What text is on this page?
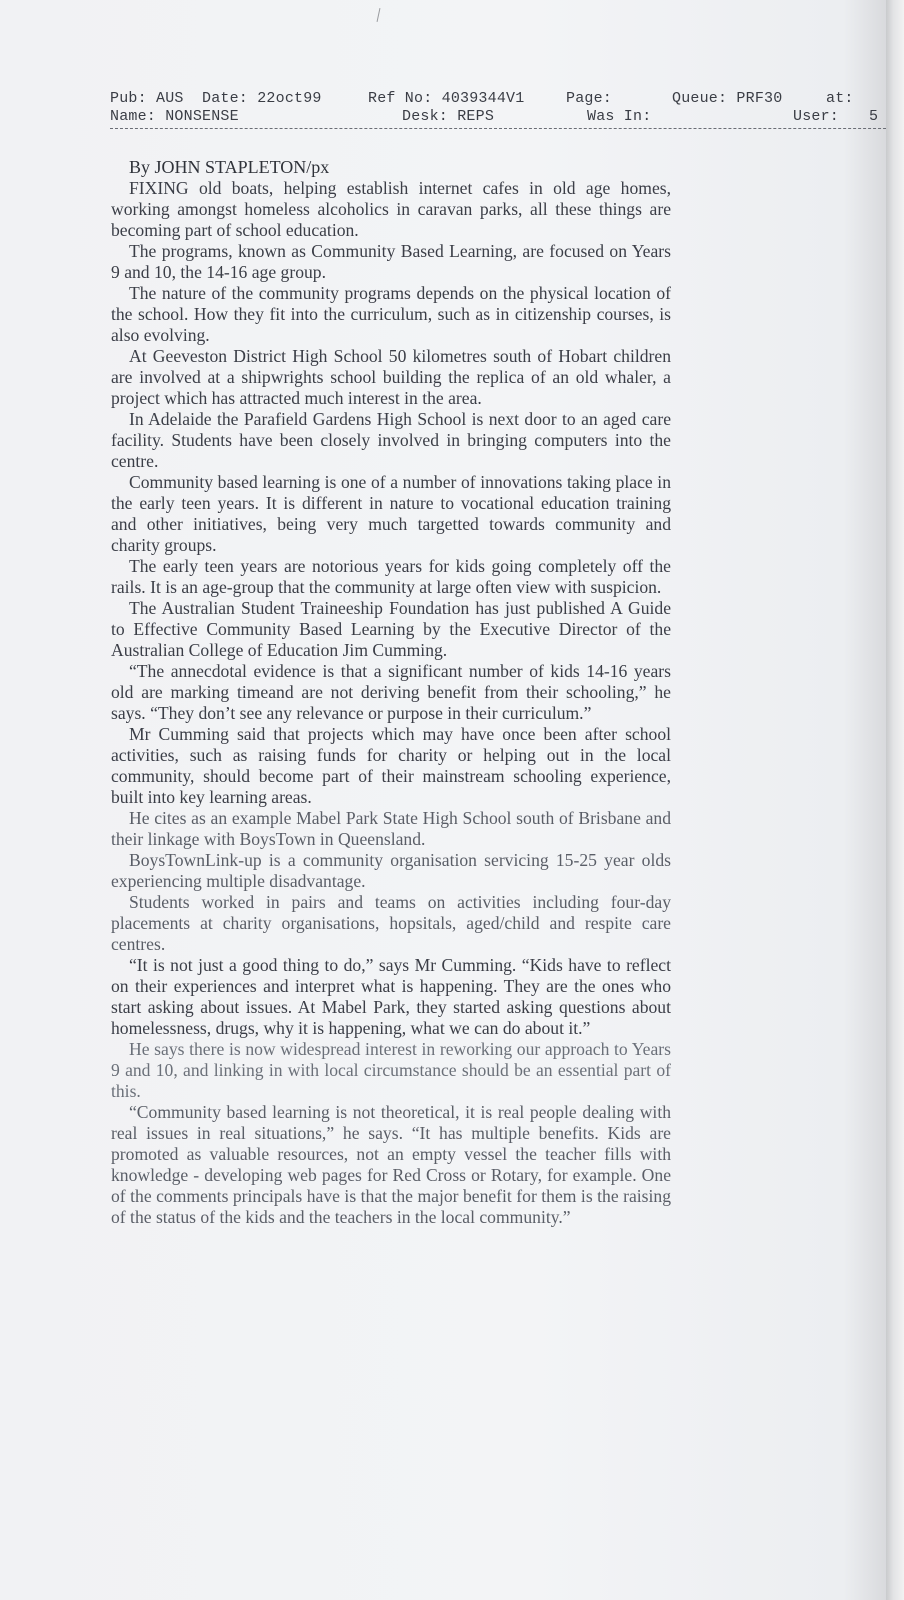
Pub: AUS Date: 22oct99	Ref No: 4039344V1	Page:	Queue: PRF30	at:
Name: NONSENSE	Desk: REPS	Was In:	User: 5

By JOHN STAPLETON/px

FIXING old boats, helping establish internet cafes in old age homes, working amongst homeless alcoholics in caravan parks, all these things are becoming part of school education.

The programs, known as Community Based Learning, are focused on Years 9 and 10, the 14-16 age group.

The nature of the community programs depends on the physical location of the school. How they fit into the curriculum, such as in citizenship courses, is also evolving.

At Geeveston District High School 50 kilometres south of Hobart children are involved at a shipwrights school building the replica of an old whaler, a project which has attracted much interest in the area.

In Adelaide the Parafield Gardens High School is next door to an aged care facility. Students have been closely involved in bringing computers into the centre.

Community based learning is one of a number of innovations taking place in the early teen years. It is different in nature to vocational education training and other initiatives, being very much targetted towards community and charity groups.

The early teen years are notorious years for kids going completely off the rails. It is an age-group that the community at large often view with suspicion.

The Australian Student Traineeship Foundation has just published A Guide to Effective Community Based Learning by the Executive Director of the Australian College of Education Jim Cumming.

“The annecdotal evidence is that a significant number of kids 14-16 years old are marking timeand are not deriving benefit from their schooling,” he says. “They don’t see any relevance or purpose in their curriculum.”

Mr Cumming said that projects which may have once been after school activities, such as raising funds for charity or helping out in the local community, should become part of their mainstream schooling experience, built into key learning areas.

He cites as an example Mabel Park State High School south of Brisbane and their linkage with BoysTown in Queensland.

BoysTownLink-up is a community organisation servicing 15-25 year olds experiencing multiple disadvantage.

Students worked in pairs and teams on activities including four-day placements at charity organisations, hopsitals, aged/child and respite care centres.

“It is not just a good thing to do,” says Mr Cumming. “Kids have to reflect on their experiences and interpret what is happening. They are the ones who start asking about issues. At Mabel Park, they started asking questions about homelessness, drugs, why it is happening, what we can do about it.”

He says there is now widespread interest in reworking our approach to Years 9 and 10, and linking in with local circumstance should be an essential part of this.

“Community based learning is not theoretical, it is real people dealing with real issues in real situations,” he says. “It has multiple benefits. Kids are promoted as valuable resources, not an empty vessel the teacher fills with knowledge - developing web pages for Red Cross or Rotary, for example. One of the comments principals have is that the major benefit for them is the raising of the status of the kids and the teachers in the local community.”
